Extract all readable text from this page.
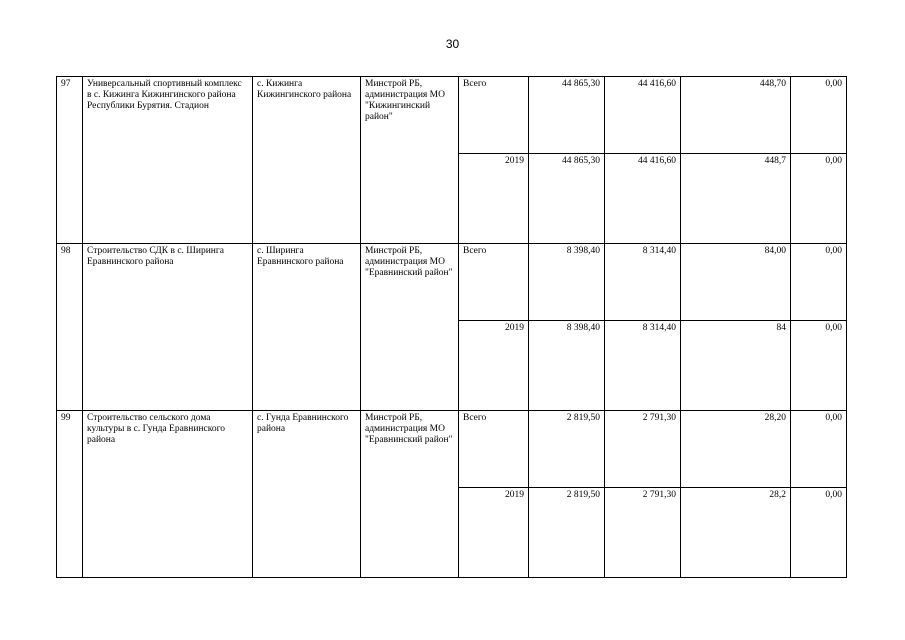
30
97	Универсальный спортивный комплекс в с. Кижинга Кижингинского района Республики Бурятия. Стадион	с. Кижинга Кижингинского района	Минстрой РБ, администрация МО "Кижингинский район"	Всего	44 865,30	44 416,60	448,70	0,00
				2019	44 865,30	44 416,60	448,7	0,00
98	Строительство СДК в с. Ширинга Еравнинского района	с. Ширинга Еравнинского района	Минстрой РБ, администрация МО "Еравнинский район"	Всего	8 398,40	8 314,40	84,00	0,00
				2019	8 398,40	8 314,40	84	0,00
99	Строительство сельского дома культуры в с. Гунда Еравнинского района	с. Гунда Еравнинского района	Минстрой РБ, администрация МО "Еравнинский район"	Всего	2 819,50	2 791,30	28,20	0,00
				2019	2 819,50	2 791,30	28,2	0,00
